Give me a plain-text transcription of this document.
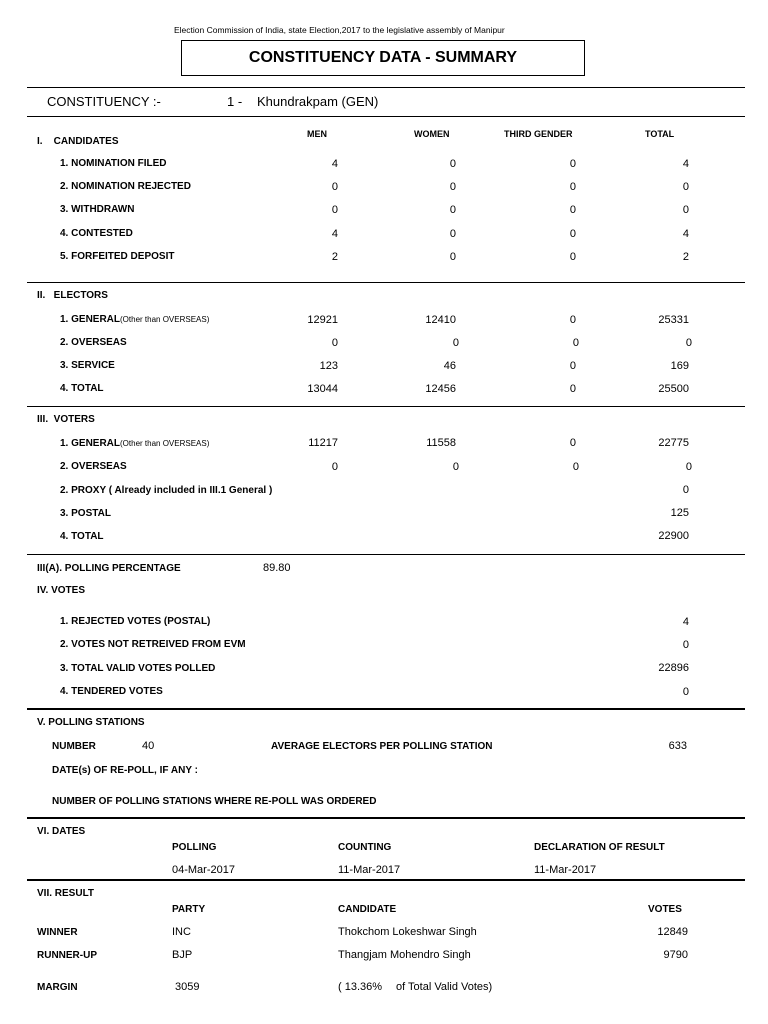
Election Commission of India, state Election,2017 to the legislative assembly of Manipur
CONSTITUENCY DATA - SUMMARY
CONSTITUENCY :-	1 - Khundrakpam (GEN)
MEN	WOMEN	THIRD GENDER	TOTAL
I.    CANDIDATES
1. NOMINATION FILED	4	0	0	4
2. NOMINATION REJECTED	0	0	0	0
3. WITHDRAWN	0	0	0	0
4. CONTESTED	4	0	0	4
5. FORFEITED DEPOSIT	2	0	0	2
II.   ELECTORS
1. GENERAL(Other than OVERSEAS)	12921	12410	0	25331
2. OVERSEAS	0	0	0	0
3. SERVICE	123	46	0	169
4. TOTAL	13044	12456	0	25500
III.  VOTERS
1. GENERAL(Other than OVERSEAS)	11217	11558	0	22775
2. OVERSEAS	0	0	0	0
2. PROXY ( Already included in III.1 General )	0
3. POSTAL	125
4. TOTAL	22900
III(A). POLLING PERCENTAGE	89.80
IV. VOTES
1. REJECTED VOTES (POSTAL)	4
2. VOTES NOT RETREIVED FROM EVM	0
3. TOTAL VALID VOTES POLLED	22896
4. TENDERED VOTES	0
V. POLLING STATIONS
NUMBER	40	AVERAGE ELECTORS PER POLLING STATION	633
DATE(s) OF RE-POLL, IF ANY :
NUMBER OF POLLING STATIONS WHERE RE-POLL WAS ORDERED
VI. DATES
POLLING	COUNTING	DECLARATION OF RESULT
04-Mar-2017	11-Mar-2017	11-Mar-2017
VII. RESULT
PARTY	CANDIDATE	VOTES
WINNER	INC	Thokchom Lokeshwar Singh	12849
RUNNER-UP	BJP	Thangjam Mohendro Singh	9790
MARGIN	3059	( 13.36% of Total Valid Votes)
